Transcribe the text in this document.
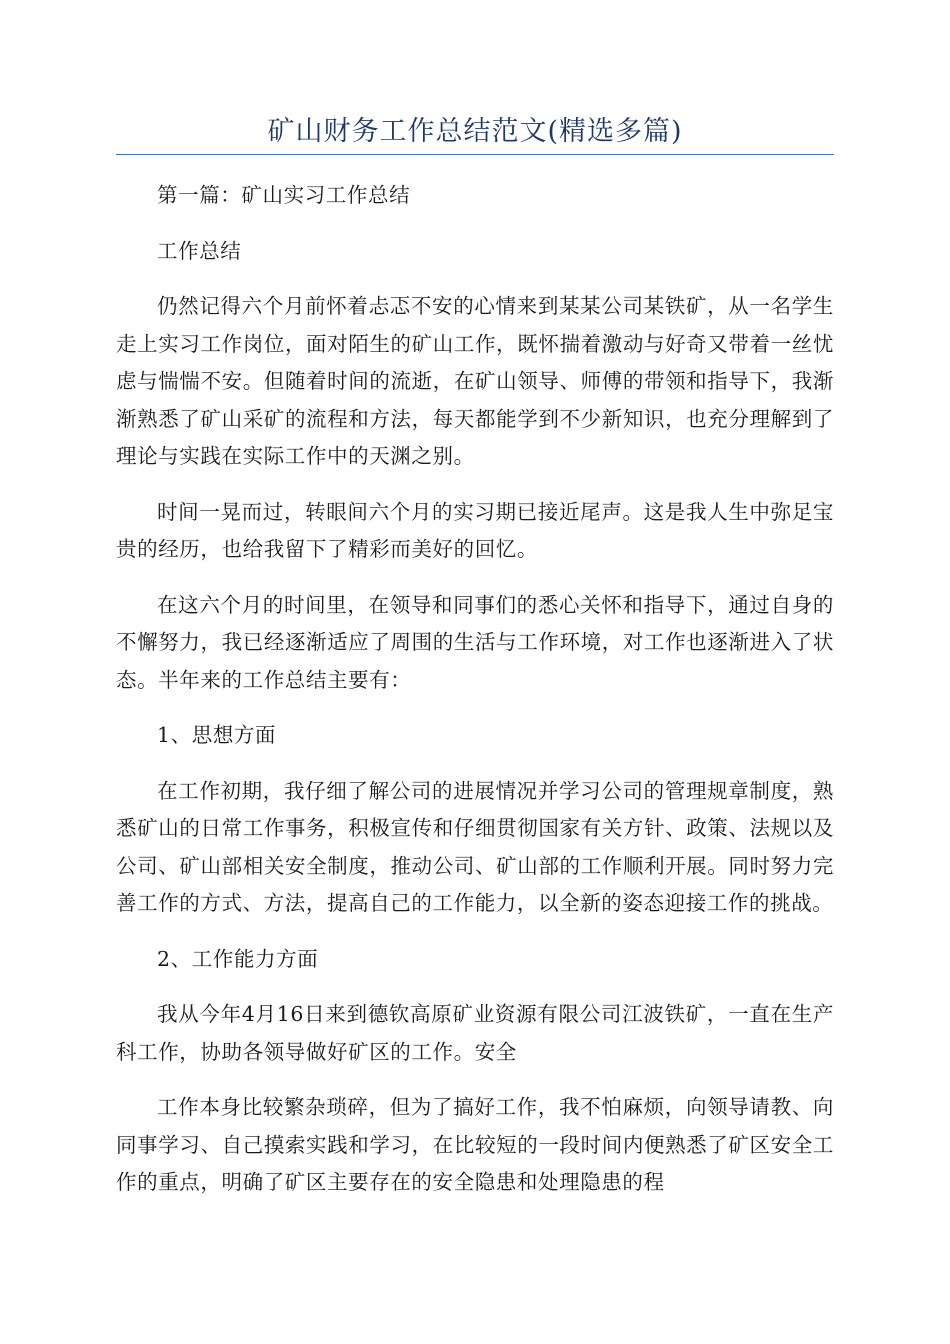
矿山财务工作总结范文(精选多篇)

第一篇：矿山实习工作总结

工作总结

仍然记得六个月前怀着忐忑不安的心情来到某某公司某铁矿，从一名学生走上实习工作岗位，面对陌生的矿山工作，既怀揣着激动与好奇又带着一丝忧虑与惴惴不安。但随着时间的流逝，在矿山领导、师傅的带领和指导下，我渐渐熟悉了矿山采矿的流程和方法，每天都能学到不少新知识，也充分理解到了理论与实践在实际工作中的天渊之别。

时间一晃而过，转眼间六个月的实习期已接近尾声。这是我人生中弥足宝贵的经历，也给我留下了精彩而美好的回忆。

在这六个月的时间里，在领导和同事们的悉心关怀和指导下，通过自身的不懈努力，我已经逐渐适应了周围的生活与工作环境，对工作也逐渐进入了状态。半年来的工作总结主要有：

1、思想方面

在工作初期，我仔细了解公司的进展情况并学习公司的管理规章制度，熟悉矿山的日常工作事务，积极宣传和仔细贯彻国家有关方针、政策、法规以及公司、矿山部相关安全制度，推动公司、矿山部的工作顺利开展。同时努力完善工作的方式、方法，提高自己的工作能力，以全新的姿态迎接工作的挑战。

2、工作能力方面

我从今年4月16日来到德钦高原矿业资源有限公司江波铁矿，一直在生产科工作，协助各领导做好矿区的工作。安全

工作本身比较繁杂琐碎，但为了搞好工作，我不怕麻烦，向领导请教、向同事学习、自己摸索实践和学习，在比较短的一段时间内便熟悉了矿区安全工作的重点，明确了矿区主要存在的安全隐患和处理隐患的程
